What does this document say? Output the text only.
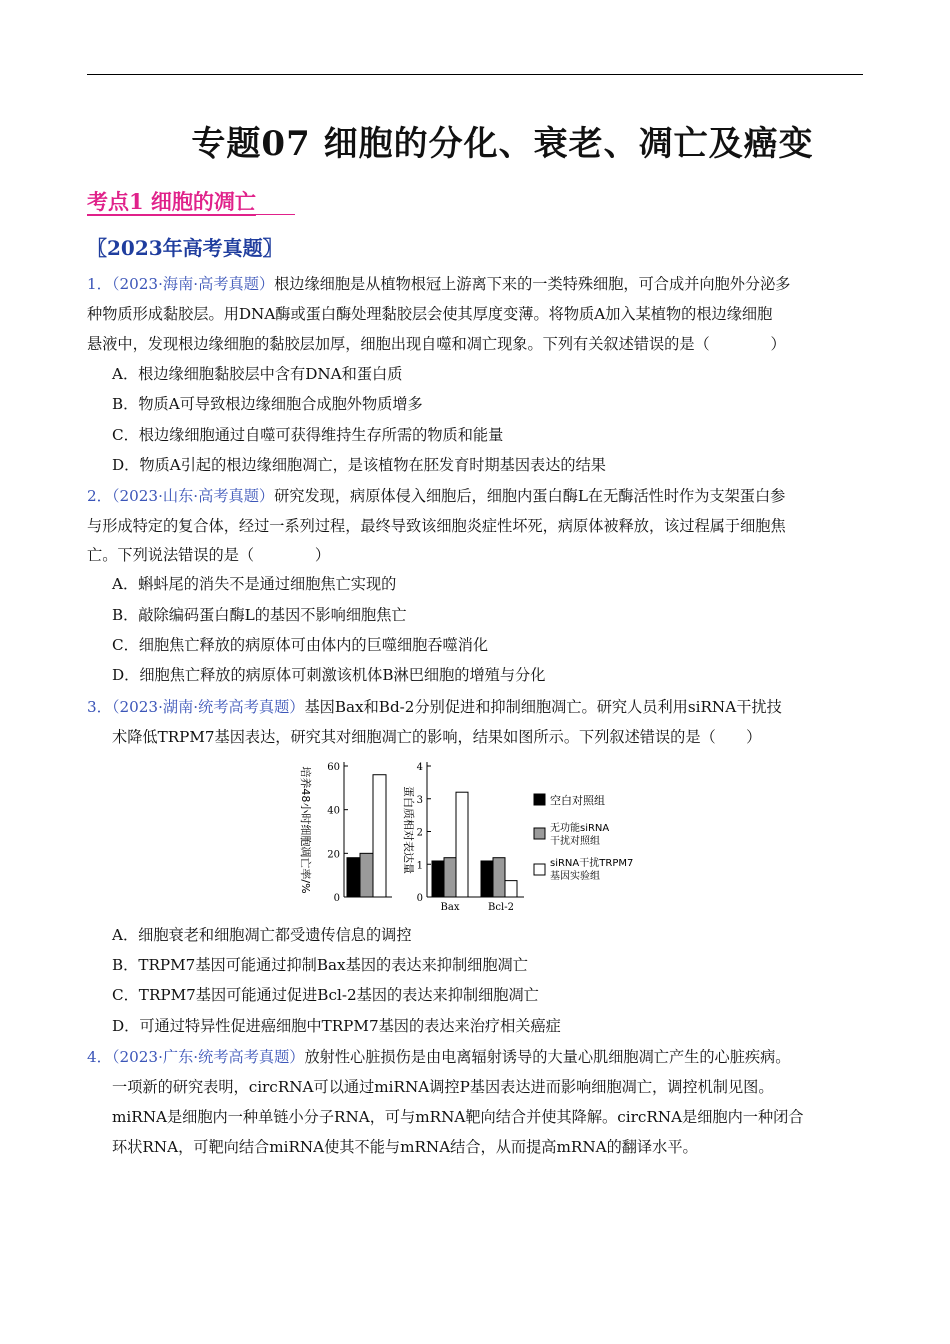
专题07 细胞的分化、衰老、凋亡及癌变
考点1 细胞的凋亡
〖2023年高考真题〗
1．（2023·海南·高考真题）根边缘细胞是从植物根冠上游离下来的一类特殊细胞，可合成并向胞外分泌多
种物质形成黏胶层。用DNA酶或蛋白酶处理黏胶层会使其厚度变薄。将物质A加入某植物的根边缘细胞
悬液中，发现根边缘细胞的黏胶层加厚，细胞出现自噬和凋亡现象。下列有关叙述错误的是（　　　　）
A．根边缘细胞黏胶层中含有DNA和蛋白质
B．物质A可导致根边缘细胞合成胞外物质增多
C．根边缘细胞通过自噬可获得维持生存所需的物质和能量
D．物质A引起的根边缘细胞凋亡，是该植物在胚发育时期基因表达的结果
2．（2023·山东·高考真题）研究发现，病原体侵入细胞后，细胞内蛋白酶L在无酶活性时作为支架蛋白参
与形成特定的复合体，经过一系列过程，最终导致该细胞炎症性坏死，病原体被释放，该过程属于细胞焦
亡。下列说法错误的是（　　　　）
A．蝌蚪尾的消失不是通过细胞焦亡实现的
B．敲除编码蛋白酶L的基因不影响细胞焦亡
C．细胞焦亡释放的病原体可由体内的巨噬细胞吞噬消化
D．细胞焦亡释放的病原体可刺激该机体B淋巴细胞的增殖与分化
3．（2023·湖南·统考高考真题）基因Bax和Bd-2分别促进和抑制细胞凋亡。研究人员利用siRNA干扰技
术降低TRPM7基因表达，研究其对细胞凋亡的影响，结果如图所示。下列叙述错误的是（　　）
0
20
40
60
培养48小时细胞凋亡率/%
0
1
2
3
4
蛋白质相对表达量
Bax	Bcl-2
空白对照组
无功能siRNA
干扰对照组
siRNA干扰TRPM7
基因实验组
A．细胞衰老和细胞凋亡都受遗传信息的调控
B．TRPM7基因可能通过抑制Bax基因的表达来抑制细胞凋亡
C．TRPM7基因可能通过促进Bcl-2基因的表达来抑制细胞凋亡
D．可通过特异性促进癌细胞中TRPM7基因的表达来治疗相关癌症
4．（2023·广东·统考高考真题）放射性心脏损伤是由电离辐射诱导的大量心肌细胞凋亡产生的心脏疾病。
一项新的研究表明，circRNA可以通过miRNA调控P基因表达进而影响细胞凋亡，调控机制见图。
miRNA是细胞内一种单链小分子RNA，可与mRNA靶向结合并使其降解。circRNA是细胞内一种闭合
环状RNA，可靶向结合miRNA使其不能与mRNA结合，从而提高mRNA的翻译水平。
